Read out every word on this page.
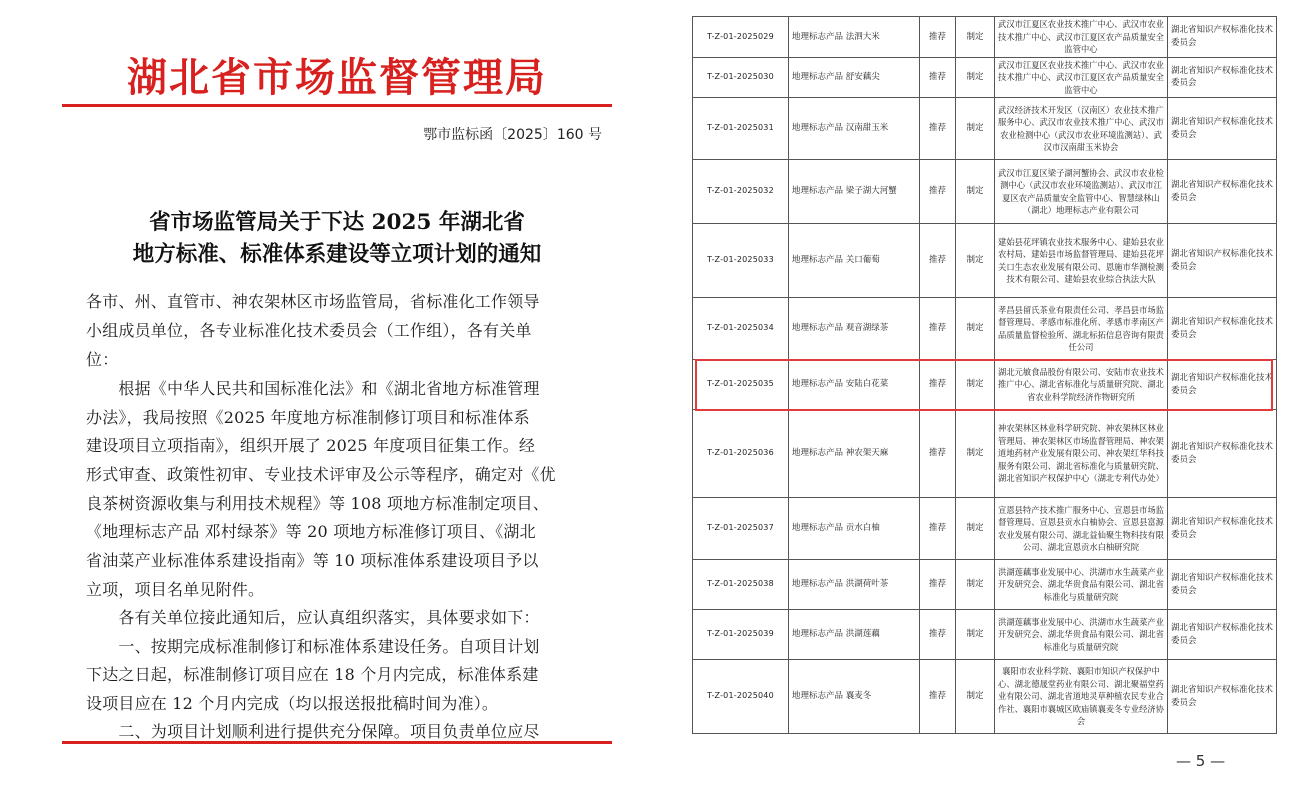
湖北省市场监督管理局
鄂市监标函〔2025〕160 号
省市场监管局关于下达 2025 年湖北省
地方标准、标准体系建设等立项计划的通知
各市、州、直管市、神农架林区市场监管局，省标准化工作领导
小组成员单位，各专业标准化技术委员会（工作组），各有关单
位：
　　根据《中华人民共和国标准化法》和《湖北省地方标准管理
办法》，我局按照《2025 年度地方标准制修订项目和标准体系
建设项目立项指南》，组织开展了 2025 年度项目征集工作。经
形式审查、政策性初审、专业技术评审及公示等程序，确定对《优
良茶树资源收集与利用技术规程》等 108 项地方标准制定项目、
《地理标志产品 邓村绿茶》等 20 项地方标准修订项目、《湖北
省油菜产业标准体系建设指南》等 10 项标准体系建设项目予以
立项，项目名单见附件。
　　各有关单位接此通知后，应认真组织落实，具体要求如下：
　　一、按期完成标准制修订和标准体系建设任务。自项目计划
下达之日起，标准制修订项目应在 18 个月内完成，标准体系建
设项目应在 12 个月内完成（均以报送报批稿时间为准）。
　　二、为项目计划顺利进行提供充分保障。项目负责单位应尽
T-Z-01-2025029	地理标志产品 法泗大米	推荐	制定	武汉市江夏区农业技术推广中心、武汉市农业技术推广中心、武汉市江夏区农产品质量安全监管中心	湖北省知识产权标准化技术委员会
T-Z-01-2025030	地理标志产品 舒安藕尖	推荐	制定	武汉市江夏区农业技术推广中心、武汉市农业技术推广中心、武汉市江夏区农产品质量安全监管中心	湖北省知识产权标准化技术委员会
T-Z-01-2025031	地理标志产品 汉南甜玉米	推荐	制定	武汉经济技术开发区（汉南区）农业技术推广服务中心、武汉市农业技术推广中心、武汉市农业检测中心（武汉市农业环境监测站）、武汉市汉南甜玉米协会	湖北省知识产权标准化技术委员会
T-Z-01-2025032	地理标志产品 梁子湖大河蟹	推荐	制定	武汉市江夏区梁子湖河蟹协会、武汉市农业检测中心（武汉市农业环境监测站）、武汉市江夏区农产品质量安全监管中心、智慧绿林山（湖北）地理标志产业有限公司	湖北省知识产权标准化技术委员会
T-Z-01-2025033	地理标志产品 关口葡萄	推荐	制定	建始县花坪镇农业技术服务中心、建始县农业农村局、建始县市场监督管理局、建始县花坪关口生态农业发展有限公司、恩施市华测检测技术有限公司、建始县农业综合执法大队	湖北省知识产权标准化技术委员会
T-Z-01-2025034	地理标志产品 观音湖绿茶	推荐	制定	孝昌县留氏茶业有限责任公司、孝昌县市场监督管理局、孝感市标准化所、孝感市孝南区产品质量监督检验所、湖北标拓信息咨询有限责任公司	湖北省知识产权标准化技术委员会
T-Z-01-2025035	地理标志产品 安陆白花菜	推荐	制定	湖北元敏食品股份有限公司、安陆市农业技术推广中心、湖北省标准化与质量研究院、湖北省农业科学院经济作物研究所	湖北省知识产权标准化技术委员会
T-Z-01-2025036	地理标志产品 神农架天麻	推荐	制定	神农架林区林业科学研究院、神农架林区林业管理局、神农架林区市场监督管理局、神农架道地药材产业发展有限公司、神农架红华科技服务有限公司、湖北省标准化与质量研究院、湖北省知识产权保护中心（湖北专利代办处）	湖北省知识产权标准化技术委员会
T-Z-01-2025037	地理标志产品 贡水白柚	推荐	制定	宣恩县特产技术推广服务中心、宣恩县市场监督管理局、宣恩县贡水白柚协会、宣恩县富源农业发展有限公司、湖北益仙聚生物科技有限公司、湖北宣恩贡水白柚研究院	湖北省知识产权标准化技术委员会
T-Z-01-2025038	地理标志产品 洪湖荷叶茶	推荐	制定	洪湖莲藕事业发展中心、洪湖市水生蔬菜产业开发研究会、湖北华贵食品有限公司、湖北省标准化与质量研究院	湖北省知识产权标准化技术委员会
T-Z-01-2025039	地理标志产品 洪湖莲藕	推荐	制定	洪湖莲藕事业发展中心、洪湖市水生蔬菜产业开发研究会、湖北华贵食品有限公司、湖北省标准化与质量研究院	湖北省知识产权标准化技术委员会
T-Z-01-2025040	地理标志产品 襄麦冬	推荐	制定	襄阳市农业科学院、襄阳市知识产权保护中心、湖北德晟堂药业有限公司、湖北聚福堂药业有限公司、湖北省道地灵草种植农民专业合作社、襄阳市襄城区欧庙镇襄麦冬专业经济协会	湖北省知识产权标准化技术委员会
— 5 —
